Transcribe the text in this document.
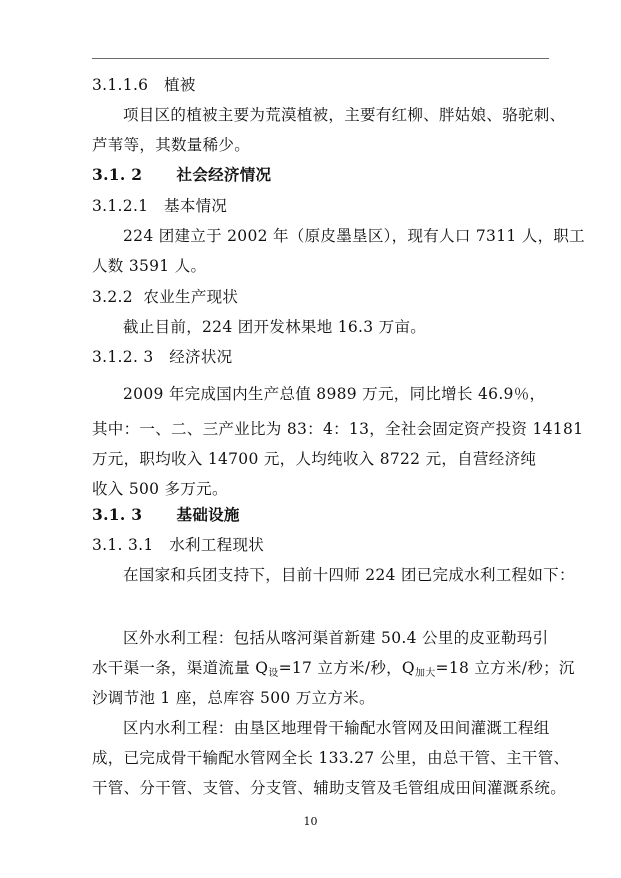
3.1.1.6 植被
项目区的植被主要为荒漠植被，主要有红柳、胖姑娘、骆驼刺、
芦苇等，其数量稀少。
3.1. 2 社会经济情况
3.1.2.1 基本情况
224 团建立于 2002 年（原皮墨垦区），现有人口 7311 人，职工
人数 3591 人。
3.2.2 农业生产现状
截止目前，224 团开发林果地 16.3 万亩。
3.1.2. 3 经济状况
2009 年完成国内生产总值 8989 万元，同比增长 46.9％，
其中：一、二、三产业比为 83：4：13，全社会固定资产投资 14181
万元，职均收入 14700 元，人均纯收入 8722 元，自营经济纯
收入 500 多万元。
3.1. 3 基础设施
3.1. 3.1 水利工程现状
在国家和兵团支持下，目前十四师 224 团已完成水利工程如下：
区外水利工程：包括从喀河渠首新建 50.4 公里的皮亚勒玛引
水干渠一条，渠道流量 Q设=17 立方米/秒，Q加大=18 立方米/秒；沉
沙调节池 1 座，总库容 500 万立方米。
区内水利工程：由垦区地理骨干输配水管网及田间灌溉工程组
成，已完成骨干输配水管网全长 133.27 公里，由总干管、主干管、
干管、分干管、支管、分支管、辅助支管及毛管组成田间灌溉系统。
10
